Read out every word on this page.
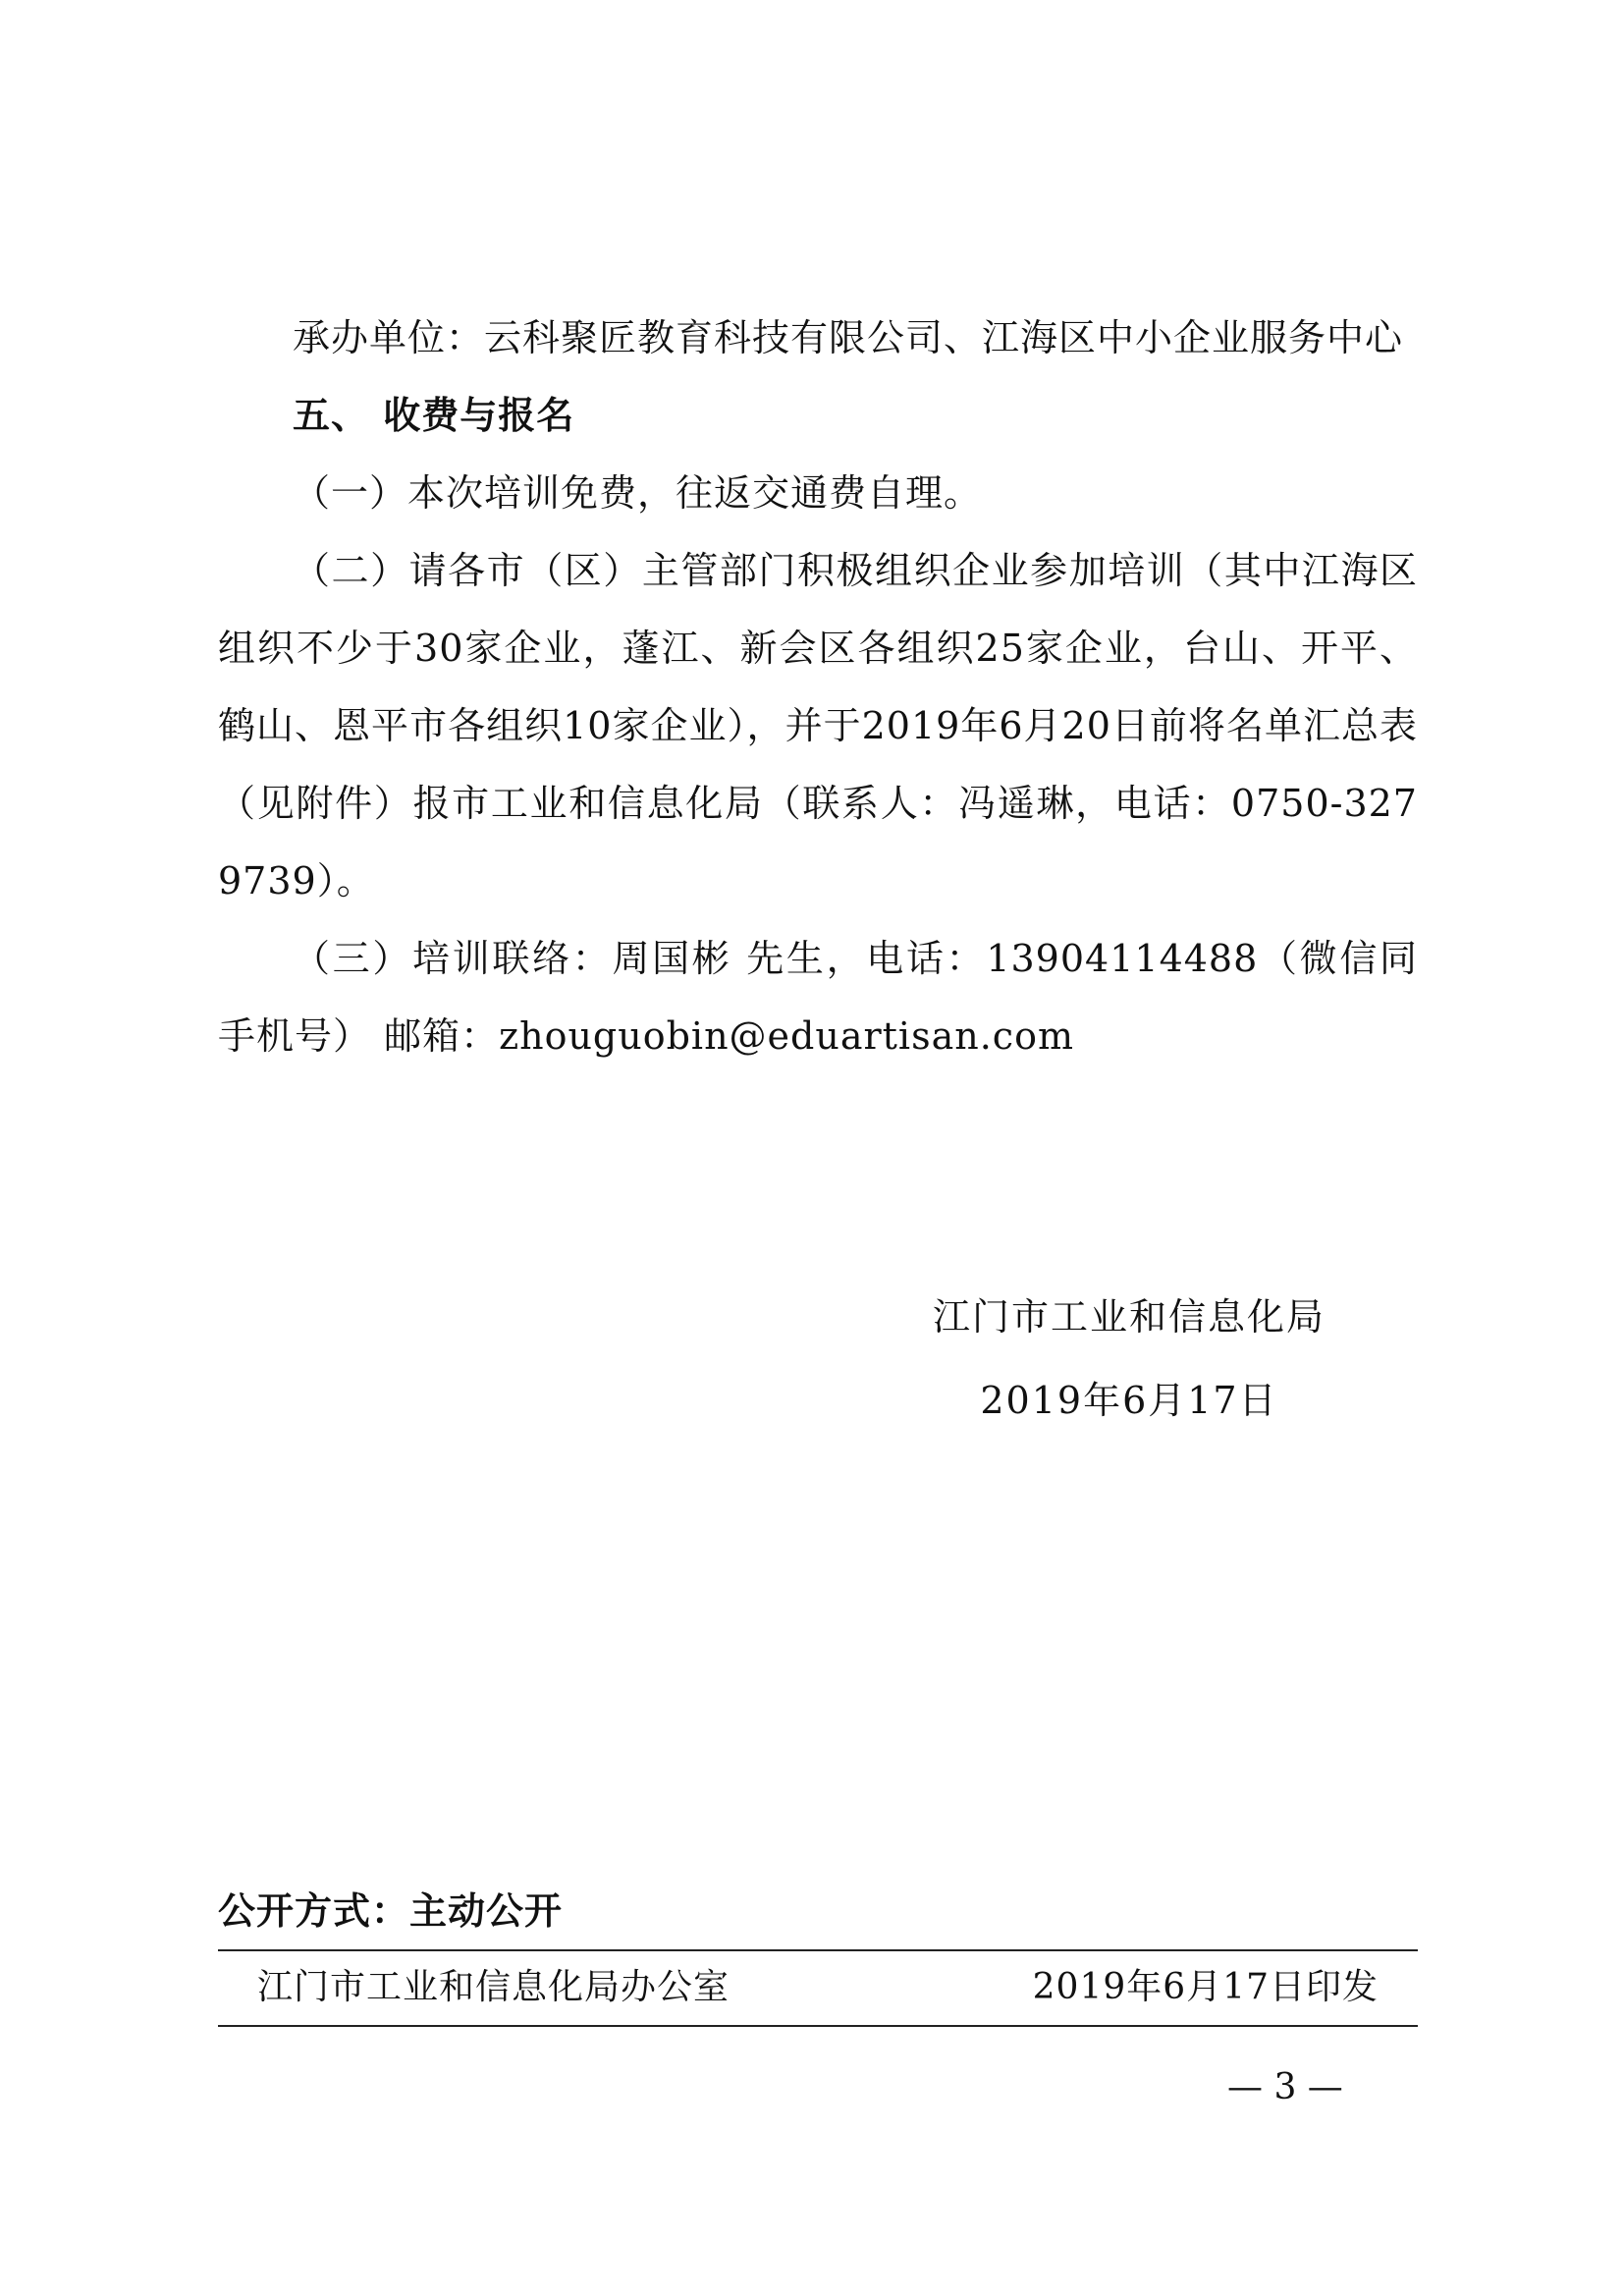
承办单位：云科聚匠教育科技有限公司、江海区中小企业服务中心

五、 收费与报名

（一）本次培训免费，往返交通费自理。

（二）请各市（区）主管部门积极组织企业参加培训（其中江海区组织不少于30家企业，蓬江、新会区各组织25家企业，台山、开平、鹤山、恩平市各组织10家企业），并于2019年6月20日前将名单汇总表（见附件）报市工业和信息化局（联系人：冯遥琳，电话：0750-3279739）。

（三）培训联络：周国彬 先生，电话：13904114488（微信同手机号） 邮箱：zhouguobin@eduartisan.com

江门市工业和信息化局
2019年6月17日
公开方式：主动公开
江门市工业和信息化局办公室	2019年6月17日印发
— 3 —
